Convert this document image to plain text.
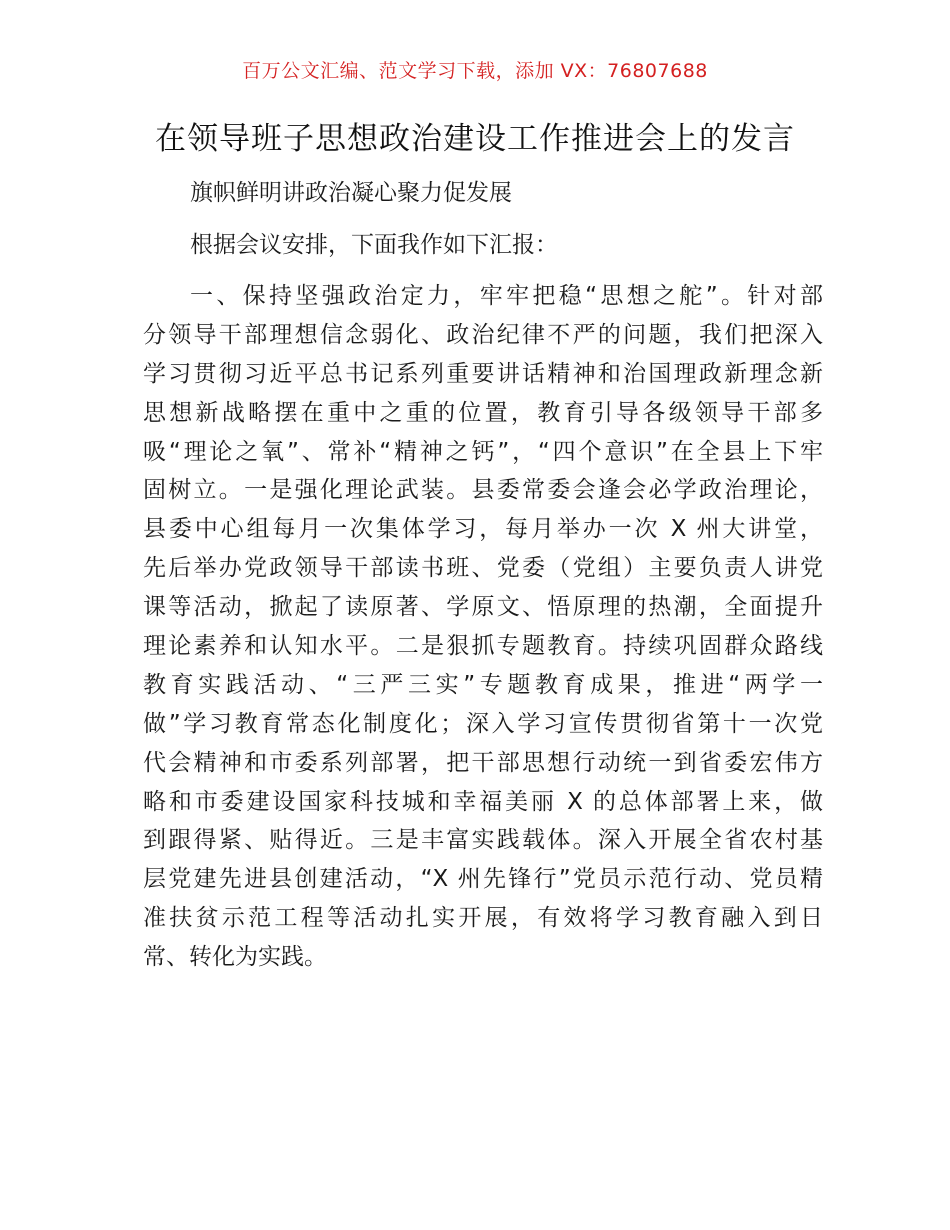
百万公文汇编、范文学习下载，添加 VX：76807688
在领导班子思想政治建设工作推进会上的发言
旗帜鲜明讲政治凝心聚力促发展
根据会议安排，下面我作如下汇报：
一、保持坚强政治定力，牢牢把稳“思想之舵”。针对部
分领导干部理想信念弱化、政治纪律不严的问题，我们把深入
学习贯彻习近平总书记系列重要讲话精神和治国理政新理念新
思想新战略摆在重中之重的位置，教育引导各级领导干部多
吸“理论之氧”、常补“精神之钙”，“四个意识”在全县上下牢
固树立。一是强化理论武装。县委常委会逢会必学政治理论，
县委中心组每月一次集体学习，每月举办一次 X 州大讲堂，
先后举办党政领导干部读书班、党委（党组）主要负责人讲党
课等活动，掀起了读原著、学原文、悟原理的热潮，全面提升
理论素养和认知水平。二是狠抓专题教育。持续巩固群众路线
教育实践活动、“三严三实”专题教育成果，推进“两学一
做”学习教育常态化制度化；深入学习宣传贯彻省第十一次党
代会精神和市委系列部署，把干部思想行动统一到省委宏伟方
略和市委建设国家科技城和幸福美丽 X 的总体部署上来，做
到跟得紧、贴得近。三是丰富实践载体。深入开展全省农村基
层党建先进县创建活动，“X 州先锋行”党员示范行动、党员精
准扶贫示范工程等活动扎实开展，有效将学习教育融入到日
常、转化为实践。
